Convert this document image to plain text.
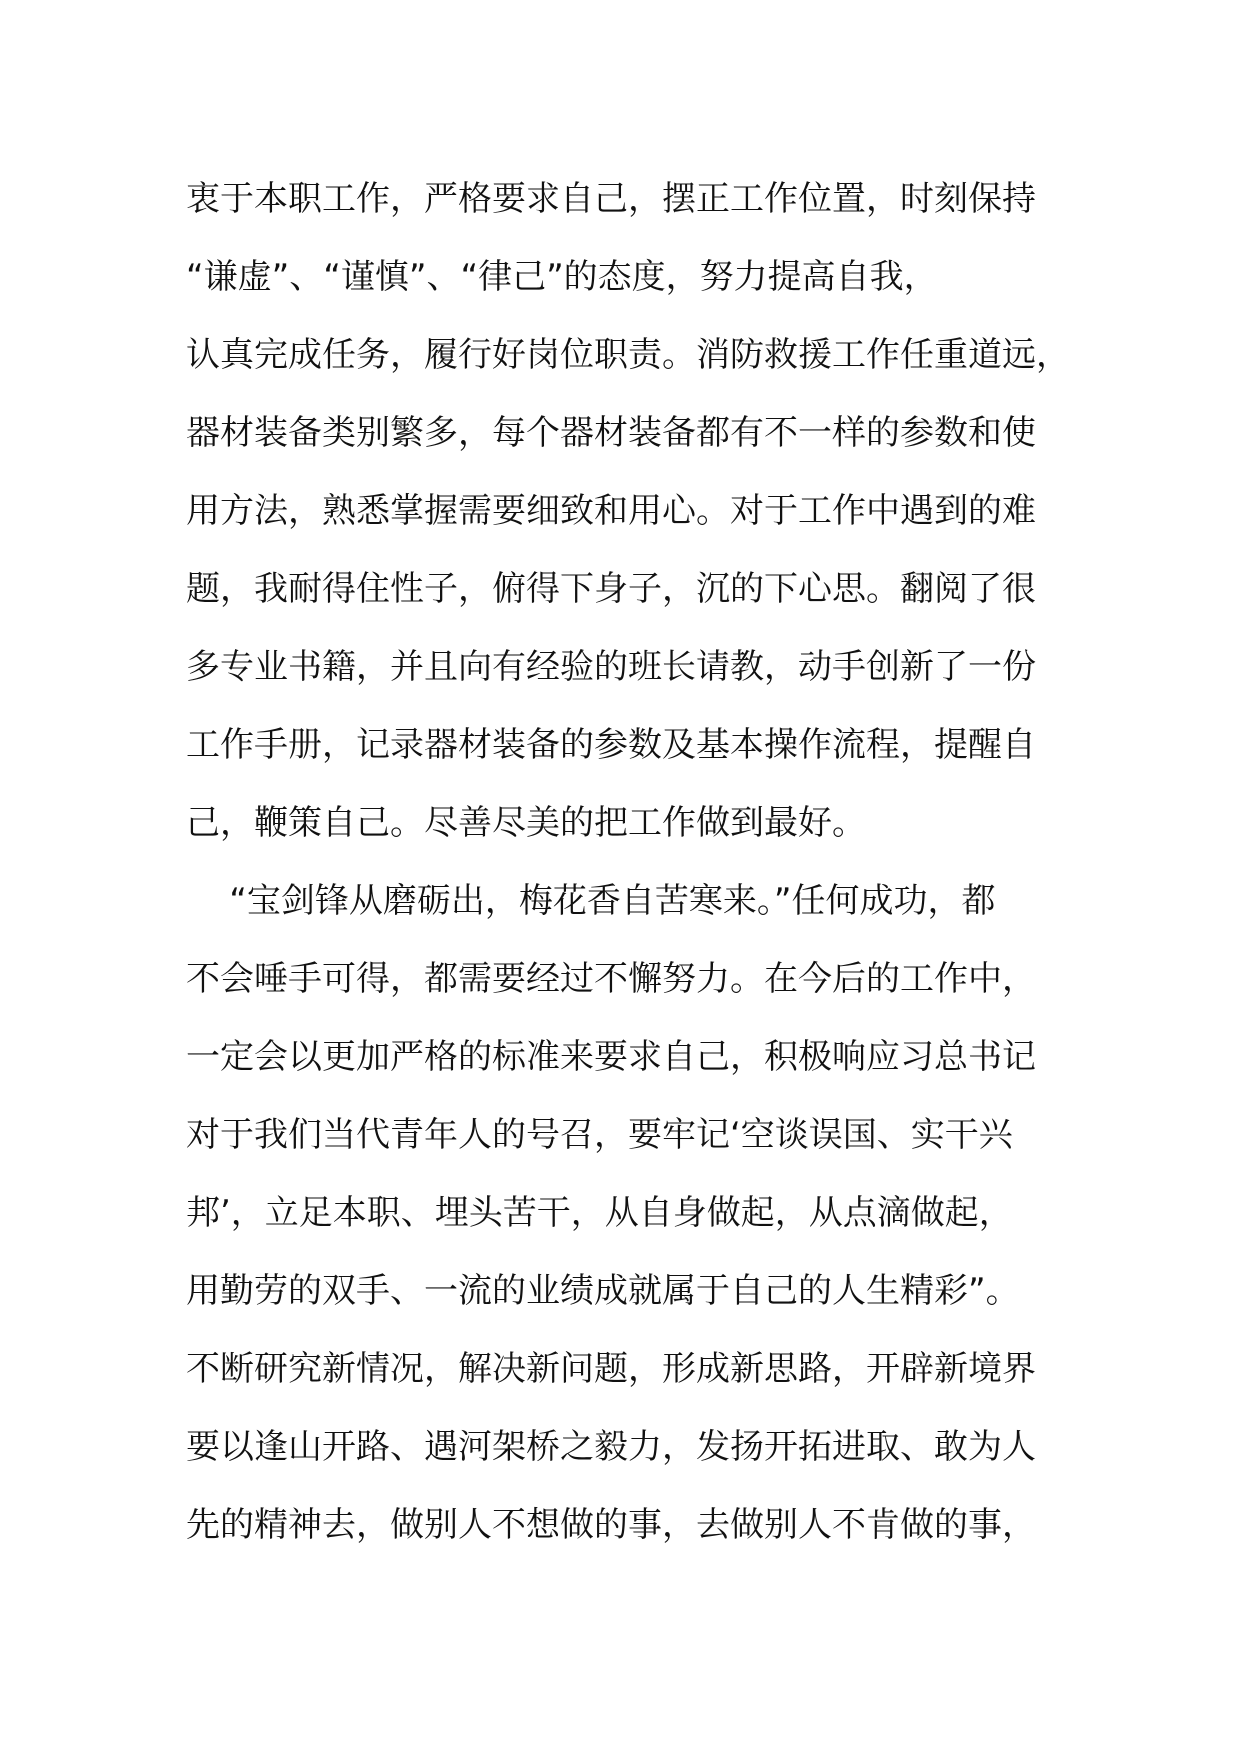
衷于本职工作，严格要求自己，摆正工作位置，时刻保持
“谦虚”、“谨慎”、“律己”的态度，努力提高自我，
认真完成任务，履行好岗位职责。消防救援工作任重道远，
器材装备类别繁多，每个器材装备都有不一样的参数和使
用方法，熟悉掌握需要细致和用心。对于工作中遇到的难
题，我耐得住性子，俯得下身子，沉的下心思。翻阅了很
多专业书籍，并且向有经验的班长请教，动手创新了一份
工作手册，记录器材装备的参数及基本操作流程，提醒自
己，鞭策自己。尽善尽美的把工作做到最好。
“宝剑锋从磨砺出，梅花香自苦寒来。”任何成功，都
不会唾手可得，都需要经过不懈努力。在今后的工作中，
一定会以更加严格的标准来要求自己，积极响应习总书记
对于我们当代青年人的号召，要牢记‘空谈误国、实干兴
邦’，立足本职、埋头苦干，从自身做起，从点滴做起，
用勤劳的双手、一流的业绩成就属于自己的人生精彩”。
不断研究新情况，解决新问题，形成新思路，开辟新境界
要以逢山开路、遇河架桥之毅力，发扬开拓进取、敢为人
先的精神去，做别人不想做的事，去做别人不肯做的事，
